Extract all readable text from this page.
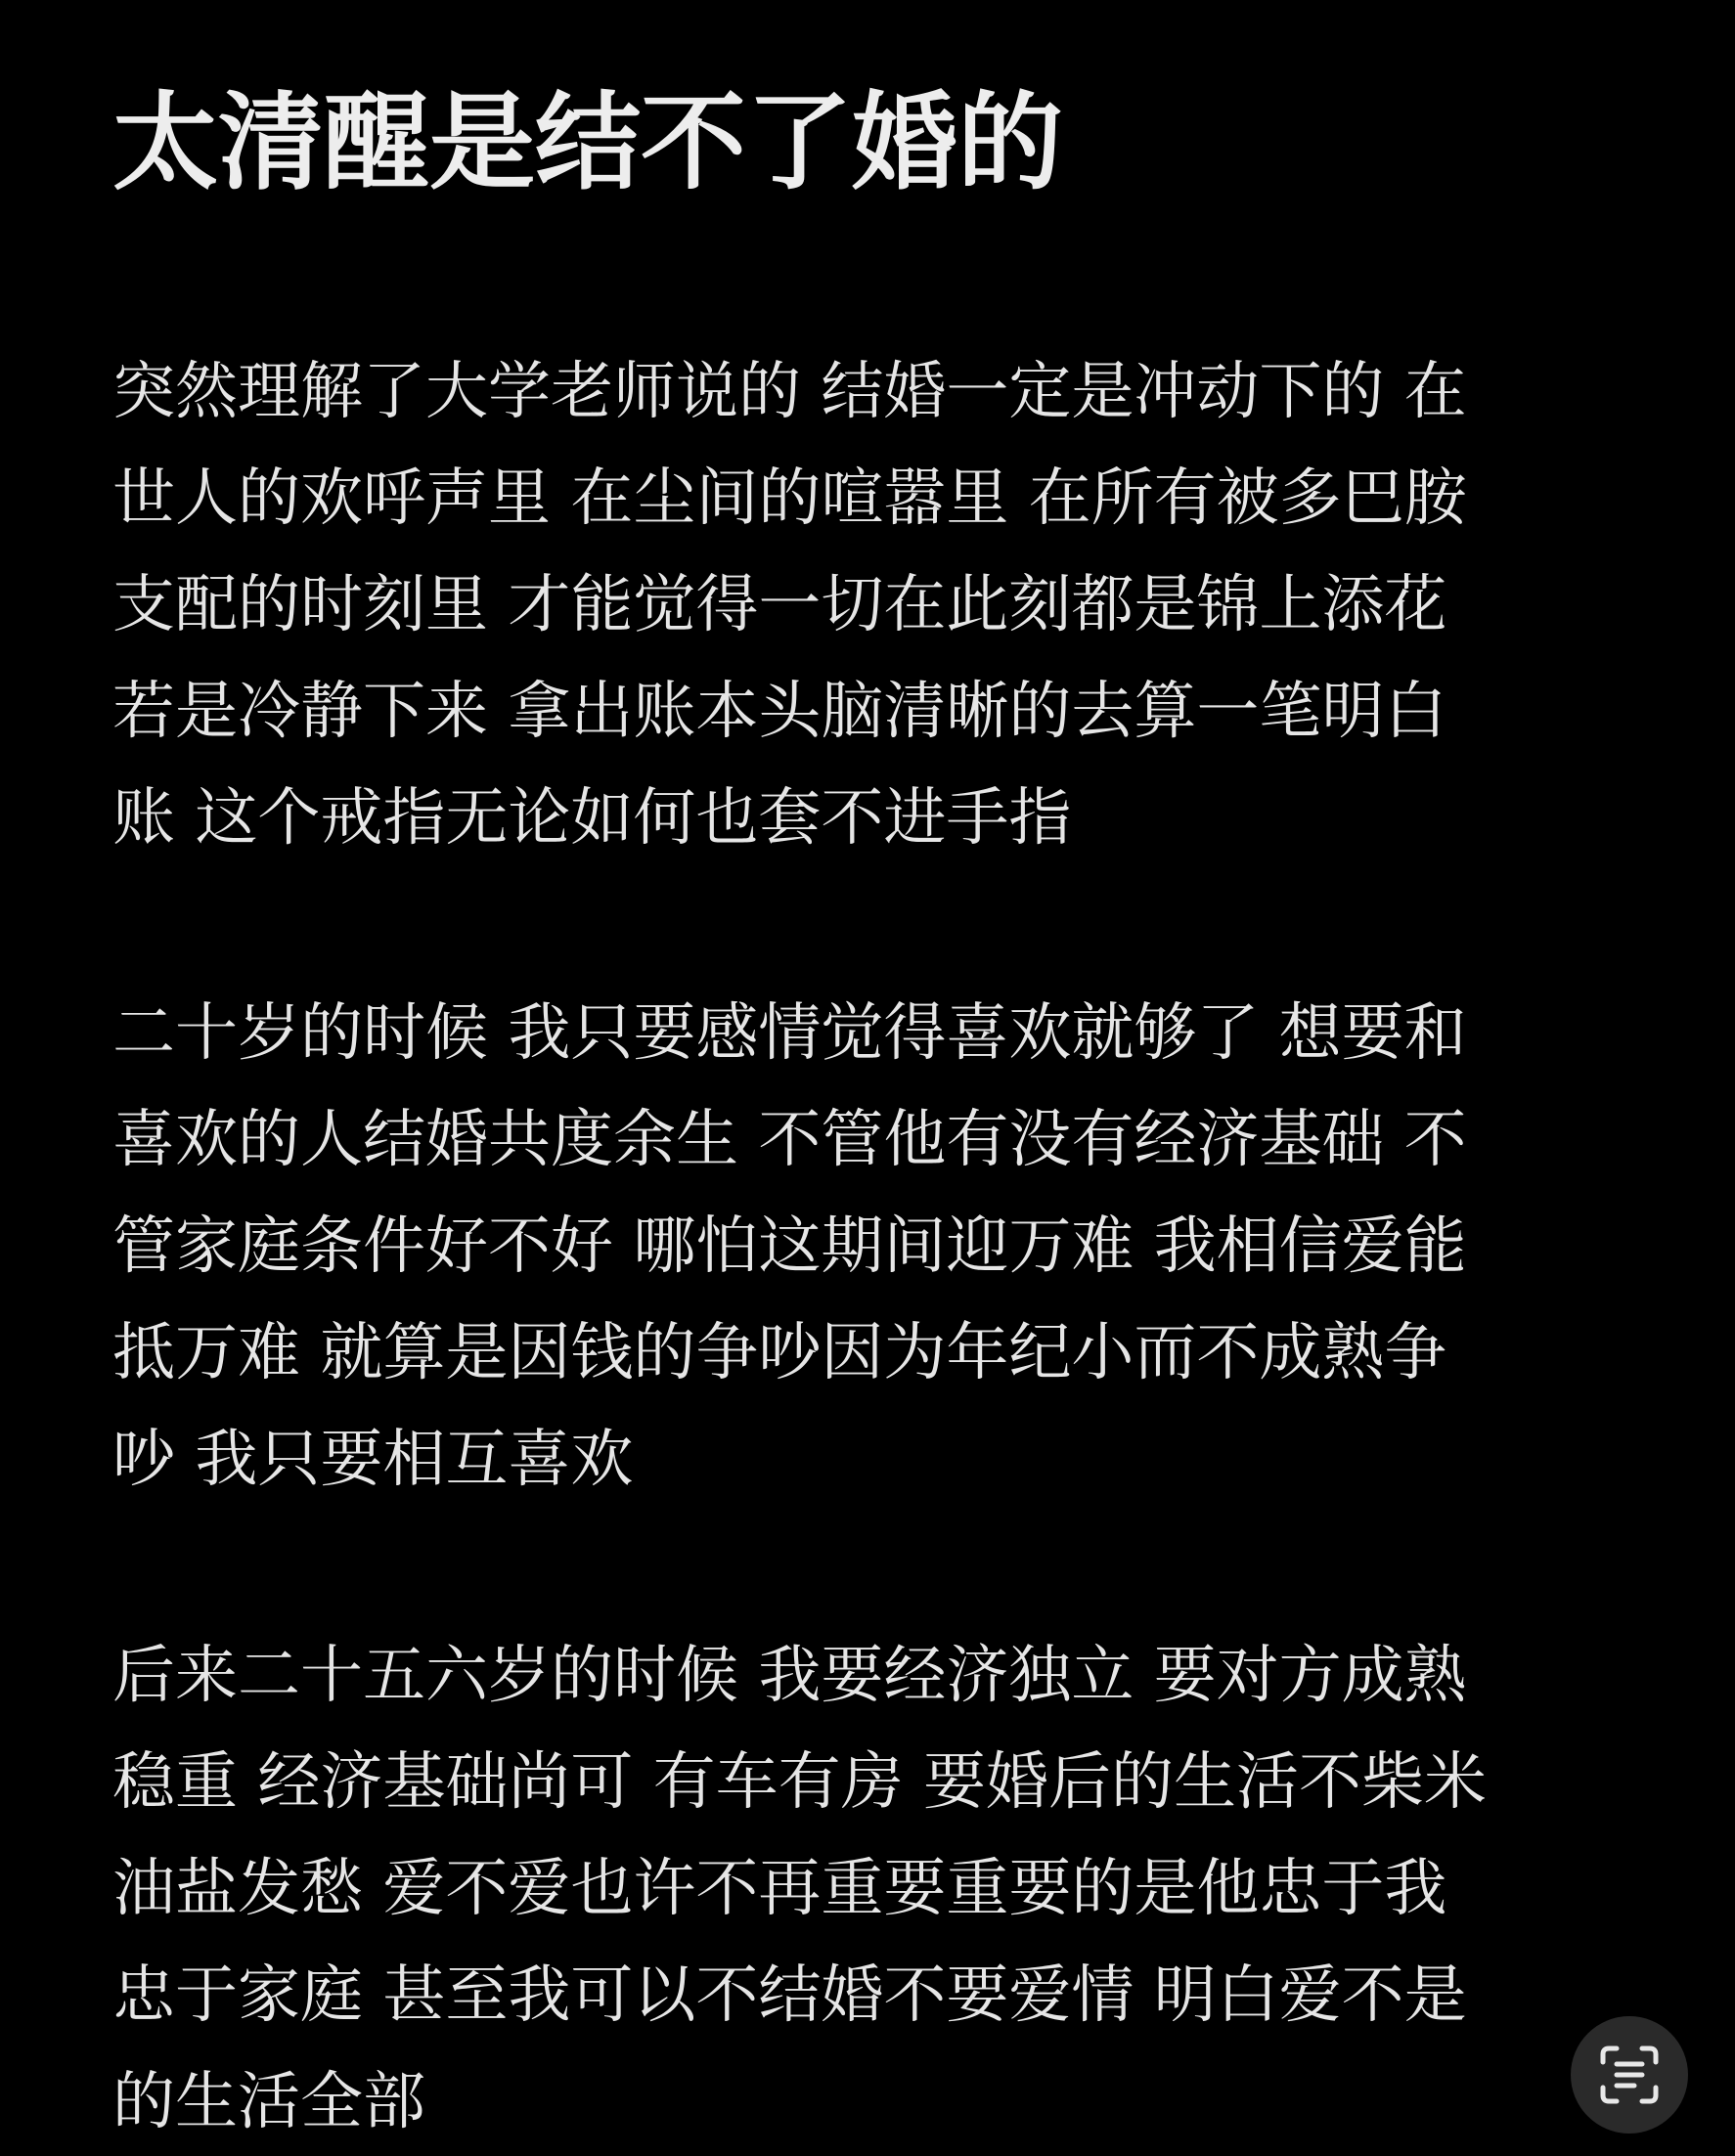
太清醒是结不了婚的
突然理解了大学老师说的 结婚一定是冲动下的 在
世人的欢呼声里 在尘间的喧嚣里 在所有被多巴胺
支配的时刻里 才能觉得一切在此刻都是锦上添花
若是冷静下来 拿出账本头脑清晰的去算一笔明白
账 这个戒指无论如何也套不进手指
二十岁的时候 我只要感情觉得喜欢就够了 想要和
喜欢的人结婚共度余生 不管他有没有经济基础 不
管家庭条件好不好 哪怕这期间迎万难 我相信爱能
抵万难 就算是因钱的争吵因为年纪小而不成熟争
吵 我只要相互喜欢
后来二十五六岁的时候 我要经济独立 要对方成熟
稳重 经济基础尚可 有车有房 要婚后的生活不柴米
油盐发愁 爱不爱也许不再重要重要的是他忠于我
忠于家庭 甚至我可以不结婚不要爱情 明白爱不是
的生活全部
